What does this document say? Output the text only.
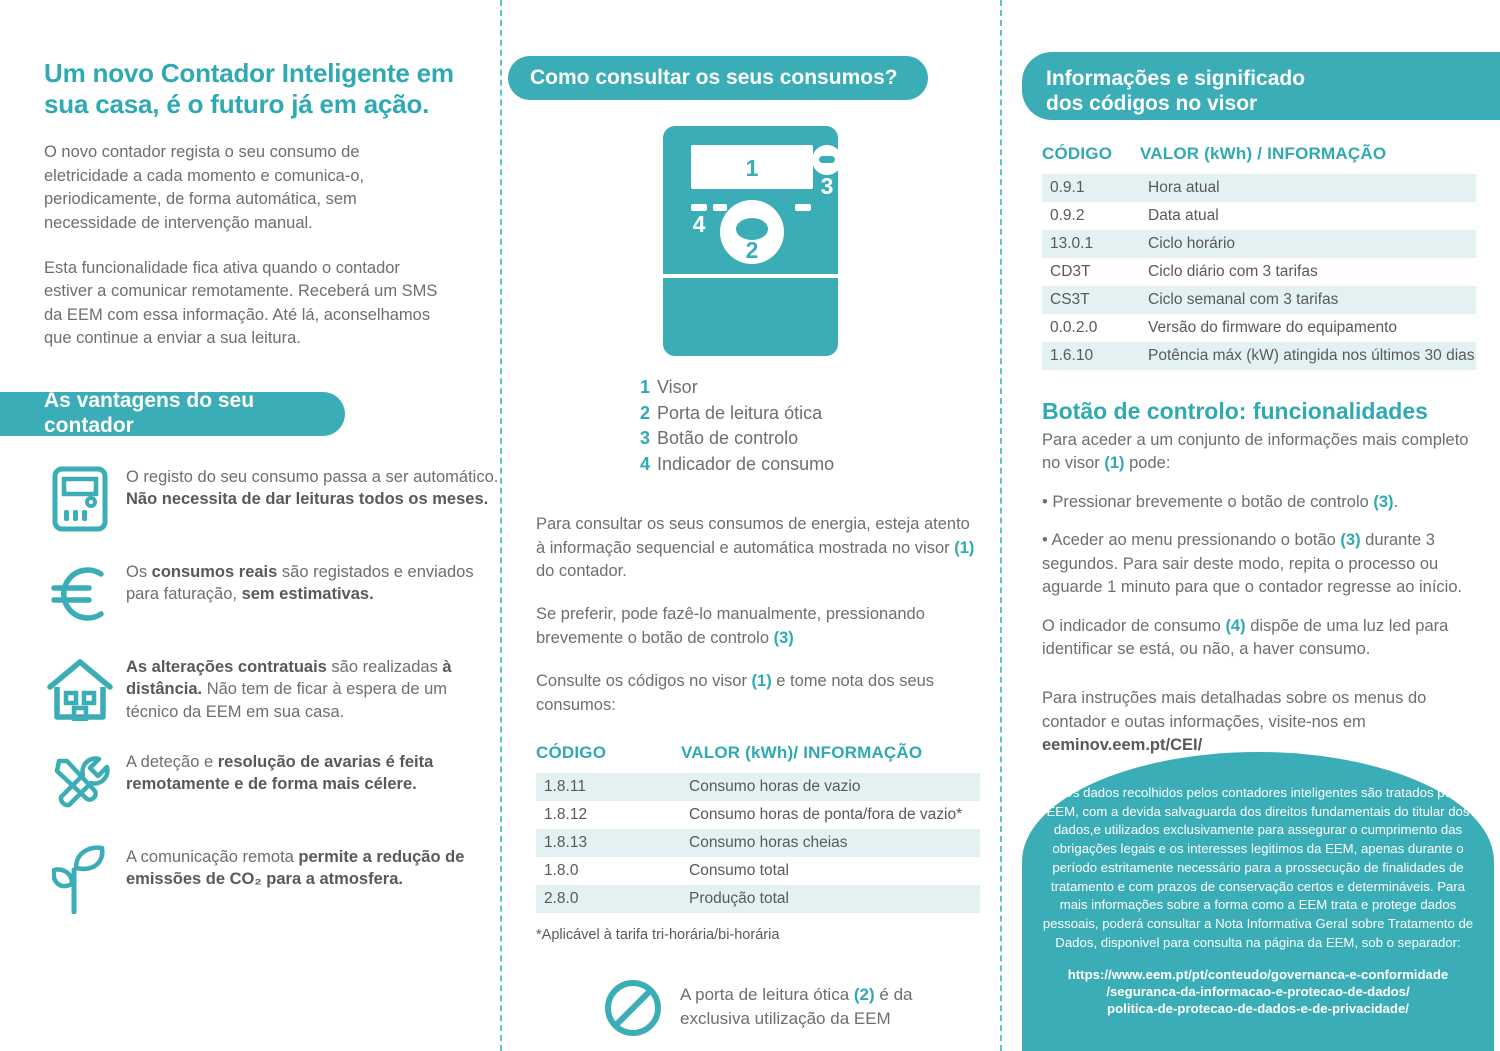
Um novo Contador Inteligente em
sua casa, é o futuro já em ação.

O novo contador regista o seu consumo de eletricidade a cada momento e comunica-o, periodicamente, de forma automática, sem necessidade de intervenção manual.

Esta funcionalidade fica ativa quando o contador estiver a comunicar remotamente. Receberá um SMS da EEM com essa informação. Até lá, aconselhamos que continue a enviar a sua leitura.

As vantagens do seu contador
O registo do seu consumo passa a ser automático. Não necessita de dar leituras todos os meses.
Os consumos reais são registados e enviados para faturação, sem estimativas.
As alterações contratuais são realizadas à distância. Não tem de ficar à espera de um técnico da EEM em sua casa.
A deteção e resolução de avarias é feita remotamente e de forma mais célere.
A comunicação remota permite a redução de emissões de CO₂ para a atmosfera.
Como consultar os seus consumos?
1
3
4
2
1 Visor
2 Porta de leitura ótica
3 Botão de controlo
4 Indicador de consumo

Para consultar os seus consumos de energia, esteja atento à informação sequencial e automática mostrada no visor (1) do contador.

Se preferir, pode fazê-lo manualmente, pressionando brevemente o botão de controlo (3)

Consulte os códigos no visor (1) e tome nota dos seus consumos:

CÓDIGO	VALOR (kWh)/ INFORMAÇÃO
1.8.11	Consumo horas de vazio
1.8.12	Consumo horas de ponta/fora de vazio*
1.8.13	Consumo horas cheias
1.8.0	Consumo total
2.8.0	Produção total
*Aplicável à tarifa tri-horária/bi-horária
A porta de leitura ótica (2) é da exclusiva utilização da EEM
Informações e significado
dos códigos no visor
CÓDIGO	VALOR (kWh) / INFORMAÇÃO
0.9.1	Hora atual
0.9.2	Data atual
13.0.1	Ciclo horário
CD3T	Ciclo diário com 3 tarifas
CS3T	Ciclo semanal com 3 tarifas
0.0.2.0	Versão do firmware do equipamento
1.6.10	Potência máx (kW) atingida nos últimos 30 dias
Botão de controlo: funcionalidades

Para aceder a um conjunto de informações mais completo no visor (1) pode:

• Pressionar brevemente o botão de controlo (3).

• Aceder ao menu pressionando o botão (3) durante 3 segundos. Para sair deste modo, repita o processo ou aguarde 1 minuto para que o contador regresse ao início.

O indicador de consumo (4) dispõe de uma luz led para identificar se está, ou não, a haver consumo.

Para instruções mais detalhadas sobre os menus do contador e outas informações, visite-nos em eeminov.eem.pt/CEI/

* Os dados recolhidos pelos contadores inteligentes são tratados pela EEM, com a devida salvaguarda dos direitos fundamentais do titular dos dados,e utilizados exclusivamente para assegurar o cumprimento das obrigações legais e os interesses legitimos da EEM, apenas durante o período estritamente necessário para a prossecução de finalidades de tratamento e com prazos de conservação certos e determináveis. Para mais informações sobre a forma como a EEM trata e protege dados pessoais, poderá consultar a Nota Informativa Geral sobre Tratamento de Dados, disponivel para consulta na página da EEM, sob o separador:
https://www.eem.pt/pt/conteudo/governanca-e-conformidade
/seguranca-da-informacao-e-protecao-de-dados/
politica-de-protecao-de-dados-e-de-privacidade/
